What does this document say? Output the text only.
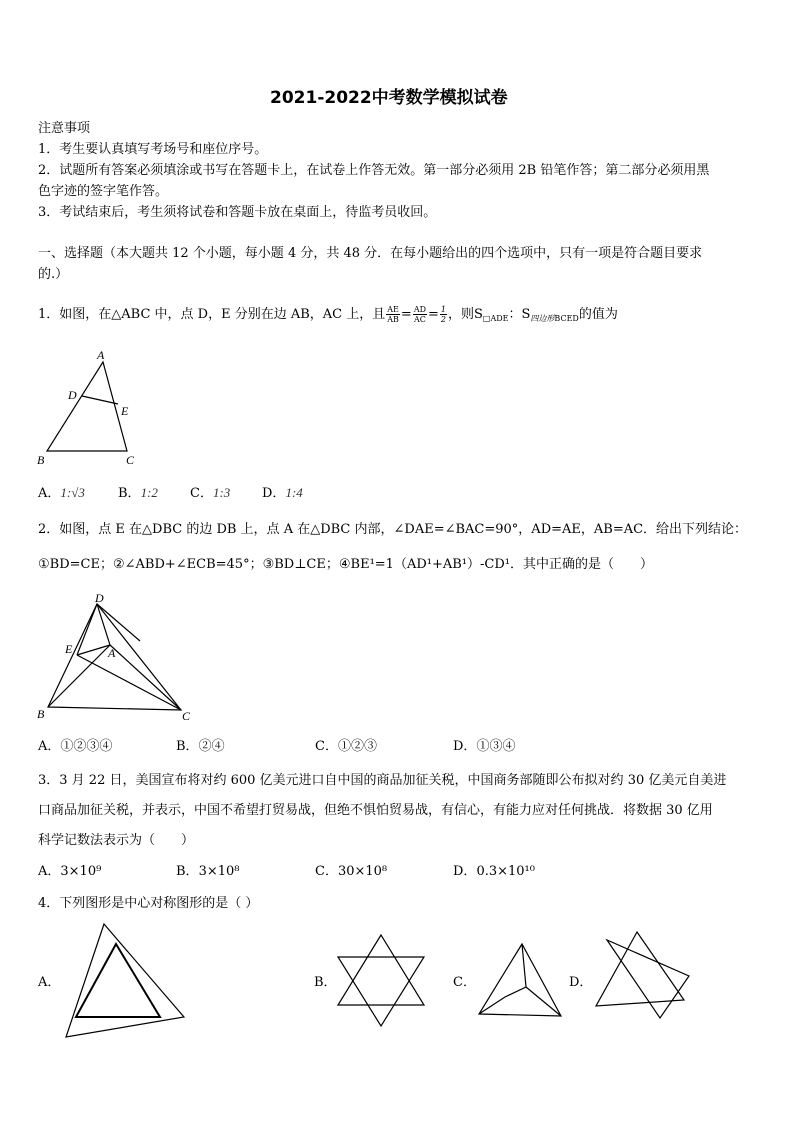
2021-2022中考数学模拟试卷
注意事项
1．考生要认真填写考场号和座位序号。
2．试题所有答案必须填涂或书写在答题卡上，在试卷上作答无效。第一部分必须用 2B 铅笔作答；第二部分必须用黑
色字迹的签字笔作答。
3．考试结束后，考生须将试卷和答题卡放在桌面上，待监考员收回。
一、选择题（本大题共 12 个小题，每小题 4 分，共 48 分．在每小题给出的四个选项中，只有一项是符合题目要求
的.）
1．如图，在△ABC 中，点 D，E 分别在边 AB，AC 上，且 $\frac{AE}{AB} = \frac{AD}{AC} = \frac{1}{2}$ ，则$S_{□ADE}$：$S_{四边形BCED}$的值为
A
D
E
B	C
A．1:√3	B．1:2 C．1:3 D．1:4
2．如图，点 E 在△DBC 的边 DB 上，点 A 在△DBC 内部，∠DAE=∠BAC=90°，AD=AE，AB=AC．给出下列结论：
①BD=CE；②∠ABD+∠ECB=45°；③BD⊥CE；④BE¹=1（AD¹+AB¹）-CD¹．其中正确的是（　　）
D
E	A
B	C
A．①②③④	B．②④	C．①②③	D．①③④
3．3 月 22 日，美国宣布将对约 600 亿美元进口自中国的商品加征关税，中国商务部随即公布拟对约 30 亿美元自美进
口商品加征关税，并表示，中国不希望打贸易战，但绝不惧怕贸易战，有信心，有能力应对任何挑战．将数据 30 亿用
科学记数法表示为（　　）
A．3×10⁹	B．3×10⁸	C．30×10⁸	D．0.3×10¹⁰
4．下列图形是中心对称图形的是（ ）
A．	B．	C．	D．
